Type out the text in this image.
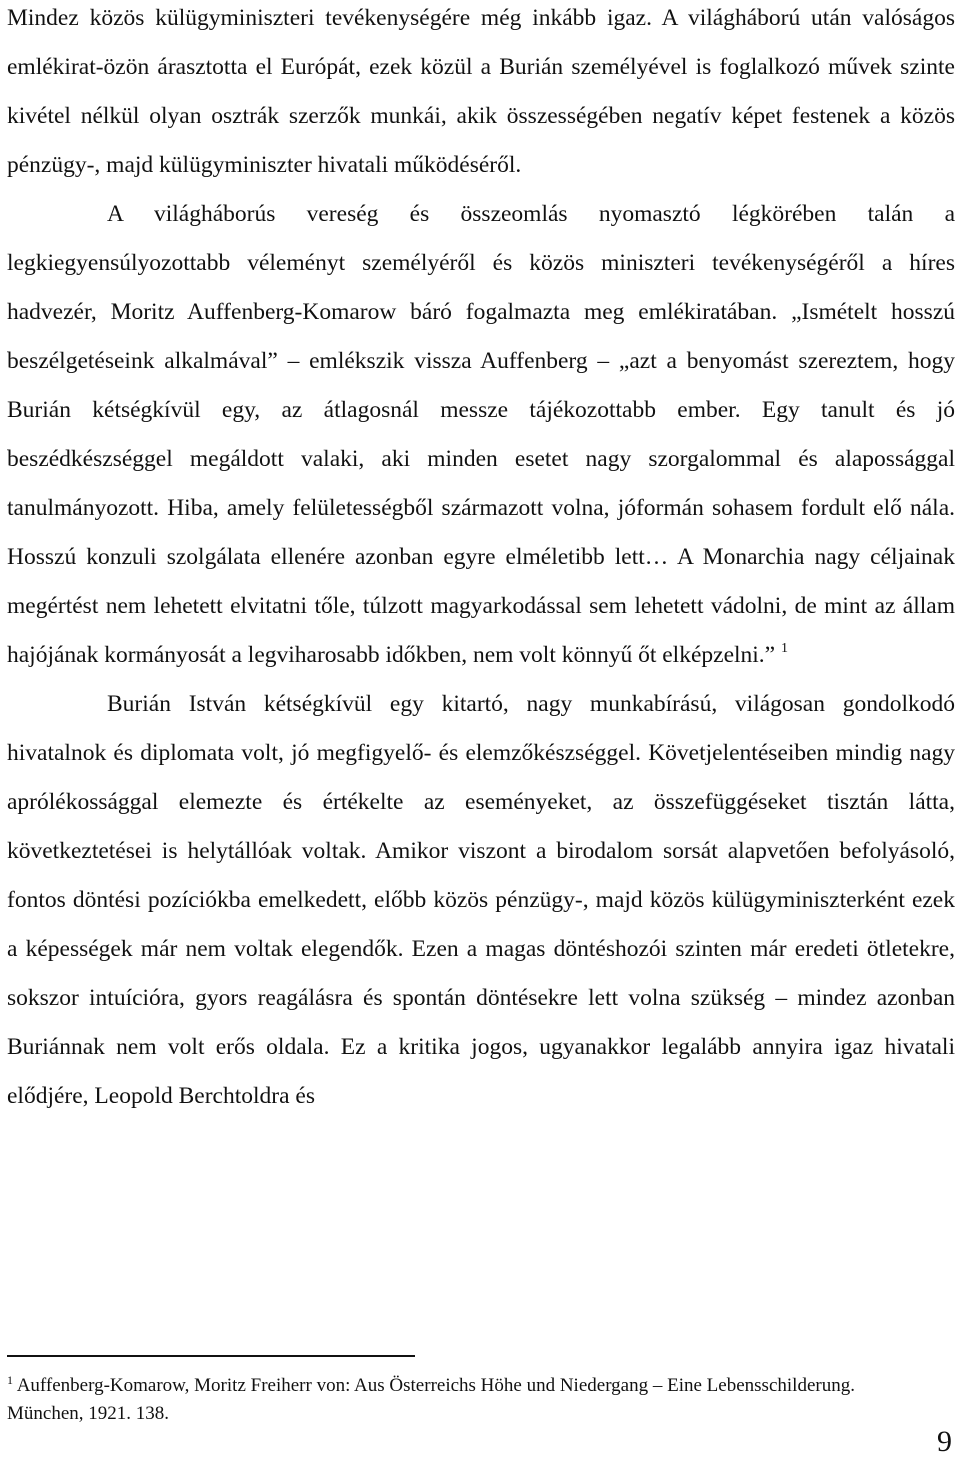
Mindez közös külügyminiszteri tevékenységére még inkább igaz. A világháború után valóságos emlékirat-özön árasztotta el Európát, ezek közül a Burián személyével is foglalkozó művek szinte kivétel nélkül olyan osztrák szerzők munkái, akik összességében negatív képet festenek a közös pénzügy-, majd külügyminiszter hivatali működéséről.

A világháborús vereség és összeomlás nyomasztó légkörében talán a legkiegyensúlyozottabb véleményt személyéről és közös miniszteri tevékenységéről a híres hadvezér, Moritz Auffenberg-Komarow báró fogalmazta meg emlékiratában. „Ismételt hosszú beszélgetéseink alkalmával” – emlékszik vissza Auffenberg – „azt a benyomást szereztem, hogy Burián kétségkívül egy, az átlagosnál messze tájékozottabb ember. Egy tanult és jó beszédkészséggel megáldott valaki, aki minden esetet nagy szorgalommal és alapossággal tanulmányozott. Hiba, amely felületességből származott volna, jóformán sohasem fordult elő nála. Hosszú konzuli szolgálata ellenére azonban egyre elméletibb lett… A Monarchia nagy céljainak megértést nem lehetett elvitatni tőle, túlzott magyarkodással sem lehetett vádolni, de mint az állam hajójának kormányosát a legviharosabb időkben, nem volt könnyű őt elképzelni.” $^1$

Burián István kétségkívül egy kitartó, nagy munkabírású, világosan gondolkodó hivatalnok és diplomata volt, jó megfigyelő- és elemzőkészséggel. Követjelentéseiben mindig nagy aprólékossággal elemezte és értékelte az eseményeket, az összefüggéseket tisztán látta, következtetései is helytállóak voltak. Amikor viszont a birodalom sorsát alapvetően befolyásoló, fontos döntési pozíciókba emelkedett, előbb közös pénzügy-, majd közös külügyminiszterként ezek a képességek már nem voltak elegendők. Ezen a magas döntéshozói szinten már eredeti ötletekre, sokszor intuícióra, gyors reagálásra és spontán döntésekre lett volna szükség – mindez azonban Buriánnak nem volt erős oldala. Ez a kritika jogos, ugyanakkor legalább annyira igaz hivatali elődjére, Leopold Berchtoldra és

$^1$ Auffenberg-Komarow, Moritz Freiherr von: Aus Österreichs Höhe und Niedergang – Eine Lebensschilderung. München, 1921. 138.

9
